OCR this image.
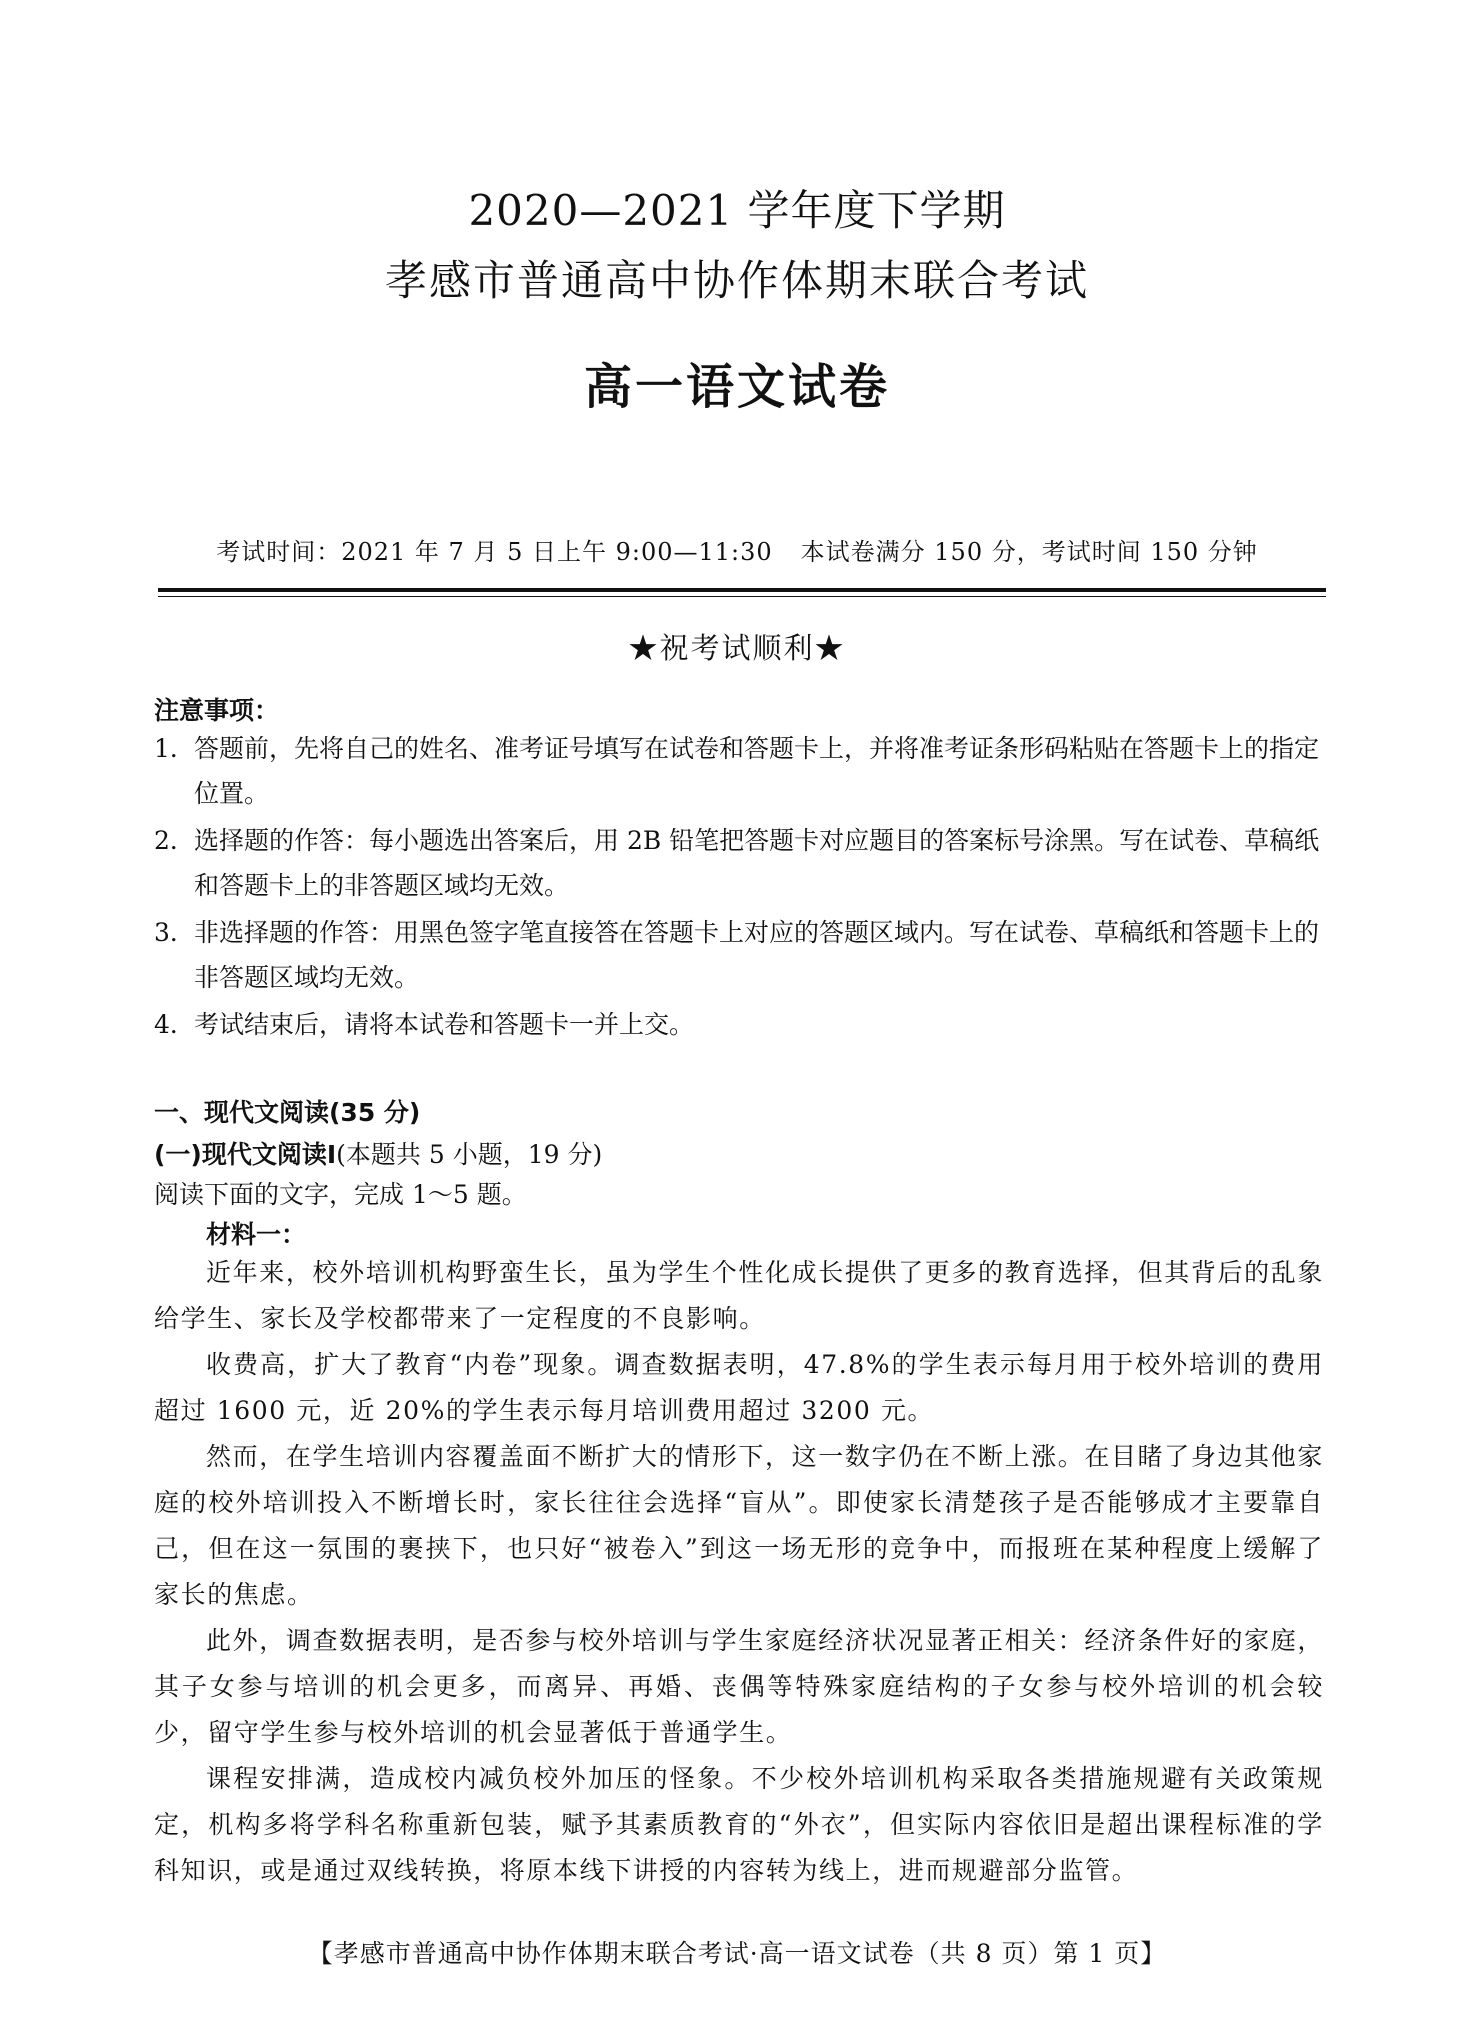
2020—2021 学年度下学期
孝感市普通高中协作体期末联合考试
高一语文试卷
考试时间：2021 年 7 月 5 日上午 9:00—11:30 本试卷满分 150 分，考试时间 150 分钟
★祝考试顺利★
注意事项：
1． 答题前，先将自己的姓名、准考证号填写在试卷和答题卡上，并将准考证条形码粘贴在答题卡上的指定位置。
2． 选择题的作答：每小题选出答案后，用 2B 铅笔把答题卡对应题目的答案标号涂黑。写在试卷、草稿纸和答题卡上的非答题区域均无效。
3． 非选择题的作答：用黑色签字笔直接答在答题卡上对应的答题区域内。写在试卷、草稿纸和答题卡上的非答题区域均无效。
4． 考试结束后，请将本试卷和答题卡一并上交。
一、现代文阅读(35 分)
(一)现代文阅读Ⅰ(本题共 5 小题，19 分)
阅读下面的文字，完成 1～5 题。
材料一：
近年来，校外培训机构野蛮生长，虽为学生个性化成长提供了更多的教育选择，但其背后的乱象给学生、家长及学校都带来了一定程度的不良影响。
收费高，扩大了教育“内卷”现象。调查数据表明，47.8%的学生表示每月用于校外培训的费用超过 1600 元，近 20%的学生表示每月培训费用超过 3200 元。
然而，在学生培训内容覆盖面不断扩大的情形下，这一数字仍在不断上涨。在目睹了身边其他家庭的校外培训投入不断增长时，家长往往会选择“盲从”。即使家长清楚孩子是否能够成才主要靠自己，但在这一氛围的裹挟下，也只好“被卷入”到这一场无形的竞争中，而报班在某种程度上缓解了家长的焦虑。
此外，调查数据表明，是否参与校外培训与学生家庭经济状况显著正相关：经济条件好的家庭，其子女参与培训的机会更多，而离异、再婚、丧偶等特殊家庭结构的子女参与校外培训的机会较少，留守学生参与校外培训的机会显著低于普通学生。
课程安排满，造成校内减负校外加压的怪象。不少校外培训机构采取各类措施规避有关政策规定，机构多将学科名称重新包装，赋予其素质教育的“外衣”，但实际内容依旧是超出课程标准的学科知识，或是通过双线转换，将原本线下讲授的内容转为线上，进而规避部分监管。
【孝感市普通高中协作体期末联合考试·高一语文试卷（共 8 页）第 1 页】
